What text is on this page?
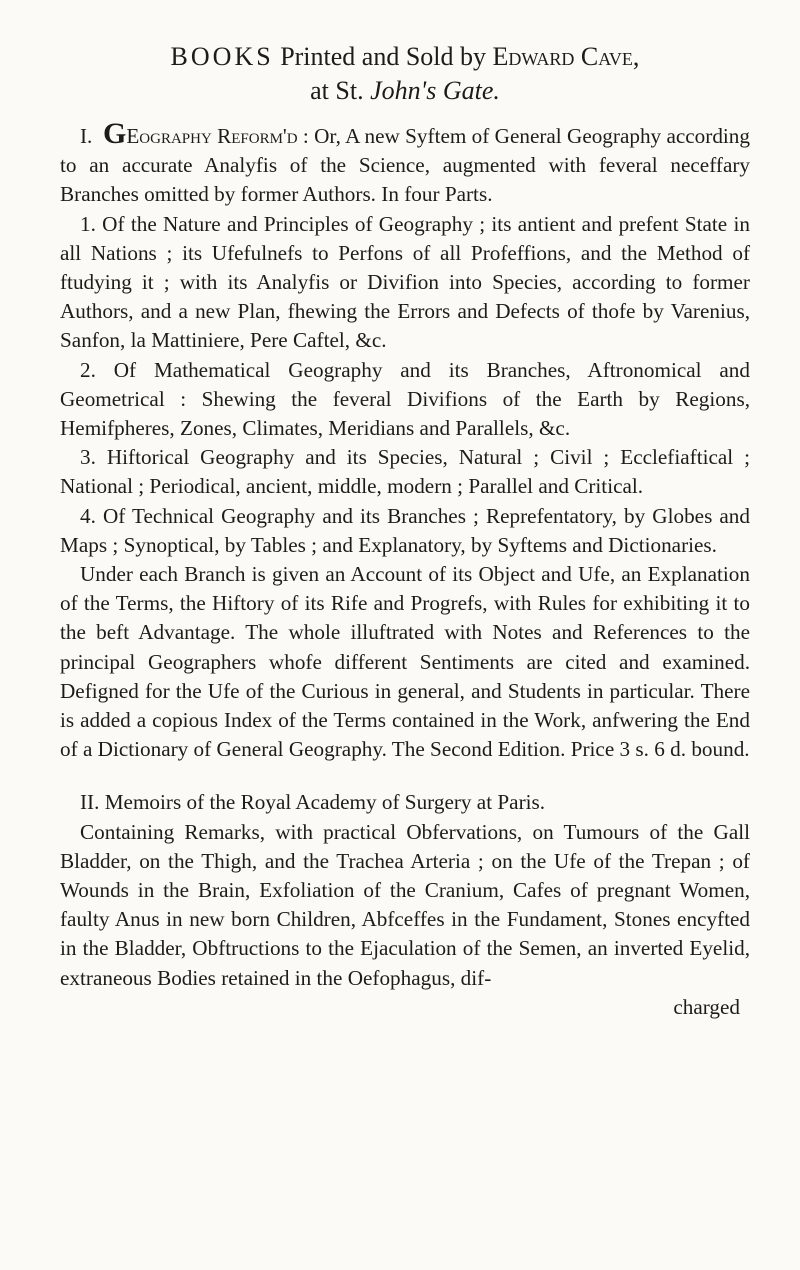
BOOKS Printed and Sold by Edward Cave,
at St. John's Gate.

I. GEography Reform'd : Or, A new Syftem of General Geography according to an accurate Analyfis of the Science, augmented with feveral neceffary Branches omitted by former Authors. In four Parts.

1. Of the Nature and Principles of Geography ; its antient and prefent State in all Nations ; its Ufefulnefs to Perfons of all Profeffions, and the Method of ftudying it ; with its Analyfis or Divifion into Species, according to former Authors, and a new Plan, fhewing the Errors and Defects of thofe by Varenius, Sanfon, la Mattiniere, Pere Caftel, &c.

2. Of Mathematical Geography and its Branches, Aftronomical and Geometrical : Shewing the feveral Divifions of the Earth by Regions, Hemifpheres, Zones, Climates, Meridians and Parallels, &c.

3. Hiftorical Geography and its Species, Natural ; Civil ; Ecclefiaftical ; National ; Periodical, ancient, middle, modern ; Parallel and Critical.

4. Of Technical Geography and its Branches ; Reprefentatory, by Globes and Maps ; Synoptical, by Tables ; and Explanatory, by Syftems and Dictionaries.

Under each Branch is given an Account of its Object and Ufe, an Explanation of the Terms, the Hiftory of its Rife and Progrefs, with Rules for exhibiting it to the beft Advantage. The whole illuftrated with Notes and References to the principal Geographers whofe different Sentiments are cited and examined. Defigned for the Ufe of the Curious in general, and Students in particular. There is added a copious Index of the Terms contained in the Work, anfwering the End of a Dictionary of General Geography. The Second Edition. Price 3 s. 6 d. bound.

II. Memoirs of the Royal Academy of Surgery at Paris.

Containing Remarks, with practical Obfervations, on Tumours of the Gall Bladder, on the Thigh, and the Trachea Arteria ; on the Ufe of the Trepan ; of Wounds in the Brain, Exfoliation of the Cranium, Cafes of pregnant Women, faulty Anus in new born Children, Abfceffes in the Fundament, Stones encyfted in the Bladder, Obftructions to the Ejaculation of the Semen, an inverted Eyelid, extraneous Bodies retained in the Oefophagus, dif-

charged
